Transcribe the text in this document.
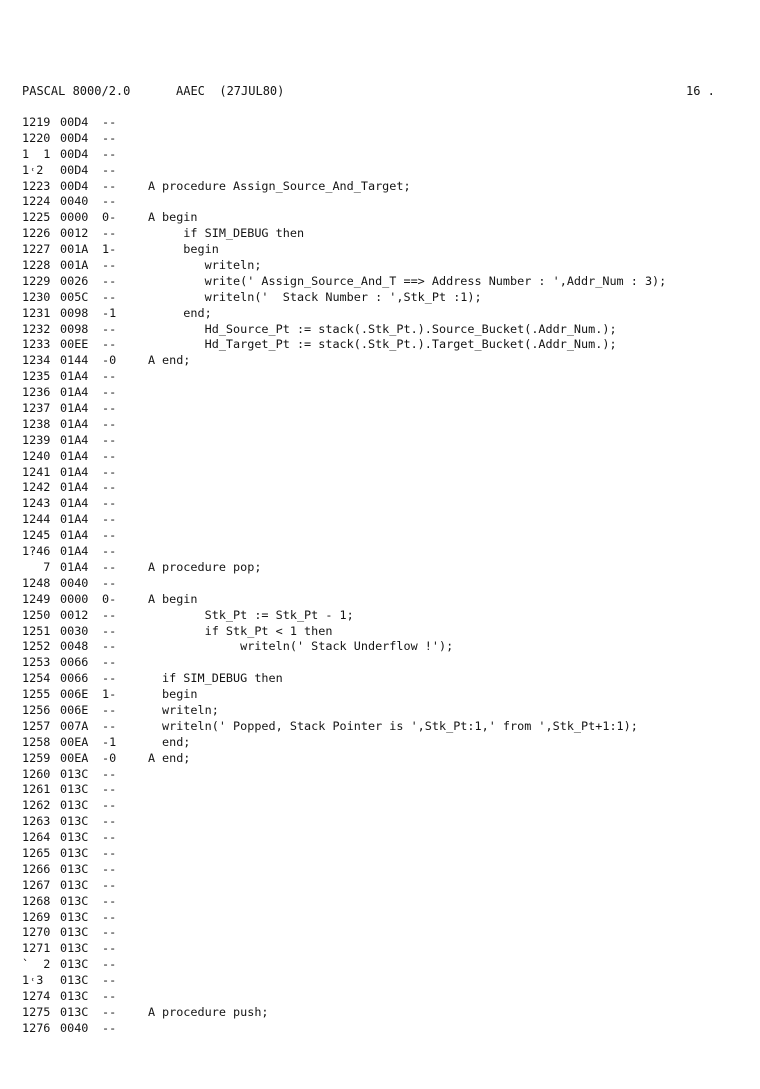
PASCAL 8000/2.0	AAEC  (27JUL80)	16 .
1219 00D4 --
1220 00D4 --
1  1 00D4 --
1˓2	00D4 --
1223 00D4 --	A procedure Assign_Source_And_Target;
1224 0040 --
1225 0000 0-	A begin
1226 0012 --	if SIM_DEBUG then
1227 001A 1-	begin
1228 001A --	writeln;
1229 0026 --	write(' Assign_Source_And_T ==> Address Number : ',Addr_Num : 3);
1230 005C --	writeln('  Stack Number : ',Stk_Pt :1);
1231 0098 -1	end;
1232 0098 --	Hd_Source_Pt := stack(.Stk_Pt.).Source_Bucket(.Addr_Num.);
1233 00EE --	Hd_Target_Pt := stack(.Stk_Pt.).Target_Bucket(.Addr_Num.);
1234 0144 -0	A end;
1235 01A4 --
1236 01A4 --
1237 01A4 --
1238 01A4 --
1239 01A4 --
1240 01A4 --
1241 01A4 --
1242 01A4 --
1243 01A4 --
1244 01A4 --
1245 01A4 --
1?46 01A4 --
7 01A4 --	A procedure pop;
1248 0040 --
1249 0000 0-	A begin
1250 0012 --	Stk_Pt := Stk_Pt - 1;
1251 0030 --	if Stk_Pt < 1 then
1252 0048 --	writeln(' Stack Underflow !');
1253 0066 --
1254 0066 --	if SIM_DEBUG then
1255 006E 1-	begin
1256 006E --	writeln;
1257 007A --	writeln(' Popped, Stack Pointer is ',Stk_Pt:1,' from ',Stk_Pt+1:1);
1258 00EA -1	end;
1259 00EA -0	A end;
1260 013C --
1261 013C --
1262 013C --
1263 013C --
1264 013C --
1265 013C --
1266 013C --
1267 013C --
1268 013C --
1269 013C --
1270 013C --
1271 013C --
`  2 013C --
1˓3	013C --
1274 013C --
1275 013C --	A procedure push;
1276 0040 --
